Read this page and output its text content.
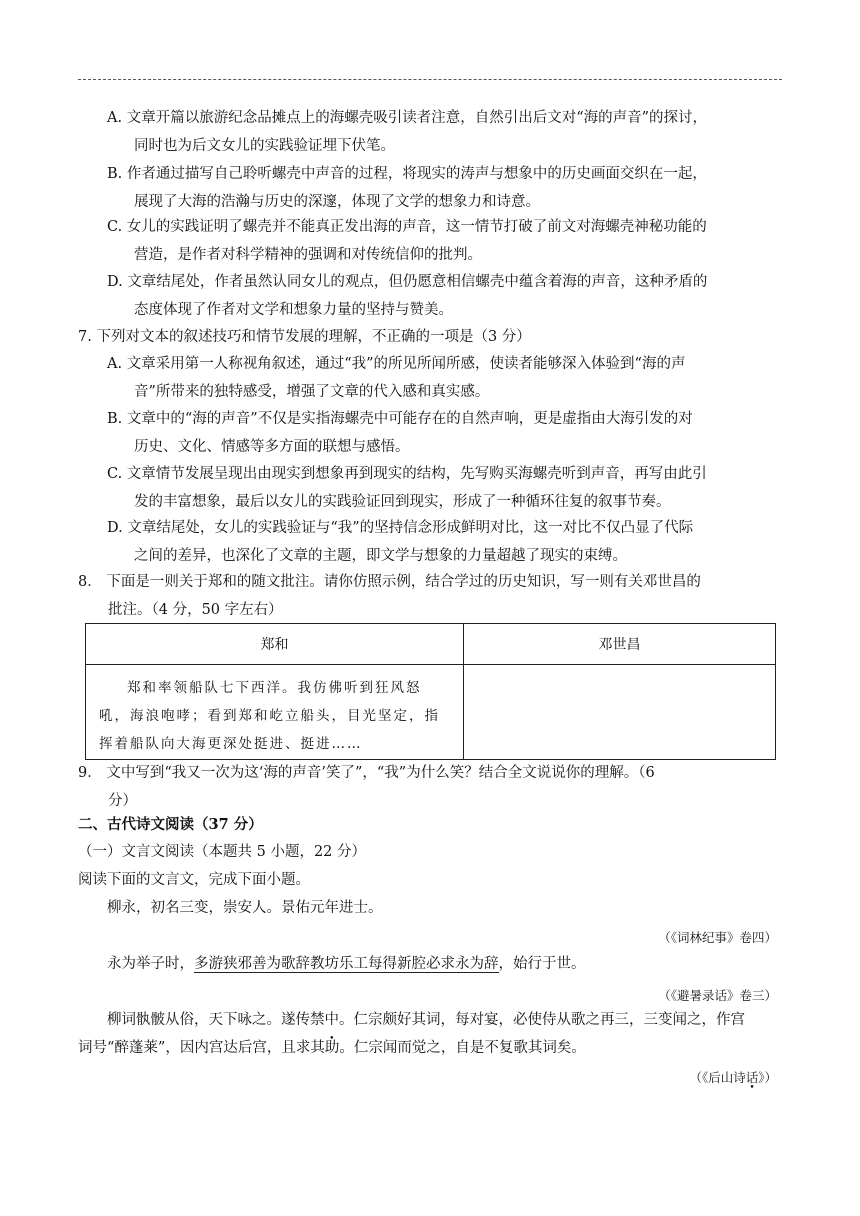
A. 文章开篇以旅游纪念品摊点上的海螺壳吸引读者注意，自然引出后文对“海的声音”的探讨，
同时也为后文女儿的实践验证埋下伏笔。
B. 作者通过描写自己聆听螺壳中声音的过程，将现实的涛声与想象中的历史画面交织在一起，
展现了大海的浩瀚与历史的深邃，体现了文学的想象力和诗意。
C. 女儿的实践证明了螺壳并不能真正发出海的声音，这一情节打破了前文对海螺壳神秘功能的
营造，是作者对科学精神的强调和对传统信仰的批判。
D. 文章结尾处，作者虽然认同女儿的观点，但仍愿意相信螺壳中蕴含着海的声音，这种矛盾的
态度体现了作者对文学和想象力量的坚持与赞美。
7. 下列对文本的叙述技巧和情节发展的理解，不正确的一项是（3 分）
A. 文章采用第一人称视角叙述，通过“我”的所见所闻所感，使读者能够深入体验到“海的声
音”所带来的独特感受，增强了文章的代入感和真实感。
B. 文章中的“海的声音”不仅是实指海螺壳中可能存在的自然声响，更是虚指由大海引发的对
历史、文化、情感等多方面的联想与感悟。
C. 文章情节发展呈现出由现实到想象再到现实的结构，先写购买海螺壳听到声音，再写由此引
发的丰富想象，最后以女儿的实践验证回到现实，形成了一种循环往复的叙事节奏。
D. 文章结尾处，女儿的实践验证与“我”的坚持信念形成鲜明对比，这一对比不仅凸显了代际
之间的差异，也深化了文章的主题，即文学与想象的力量超越了现实的束缚。
8． 下面是一则关于郑和的随文批注。请你仿照示例，结合学过的历史知识，写一则有关邓世昌的
批注。（4 分，50 字左右）
郑和	邓世昌

郑和率领船队七下西洋。我仿佛听到狂风怒
吼，海浪咆哮；看到郑和屹立船头，目光坚定，指
挥着船队向大海更深处挺进、挺进……	

9． 文中写到“我又一次为这‘海的声音’笑了”，“我”为什么笑？结合全文说说你的理解。（6
分）
二、古代诗文阅读（37 分）
（一）文言文阅读（本题共 5 小题，22 分）
阅读下面的文言文，完成下面小题。
柳永，初名三变，崇安人。景佑元年进士。
（《词林纪事》卷四）
永为举子时，多游狭邪善为歌辞教坊乐工每得新腔必求永为辞，始行于世。
（《避暑录话》卷三）
柳词骫骳从俗，天下咏之。遂传禁中。仁宗颇好其词，每对宴，必使侍从歌之再三，三变闻之，作宫
词号“醉蓬莱”，因内宫达后宫，且求其助。仁宗闻而觉之，自是不复歌其词矣。
（《后山诗话》）
